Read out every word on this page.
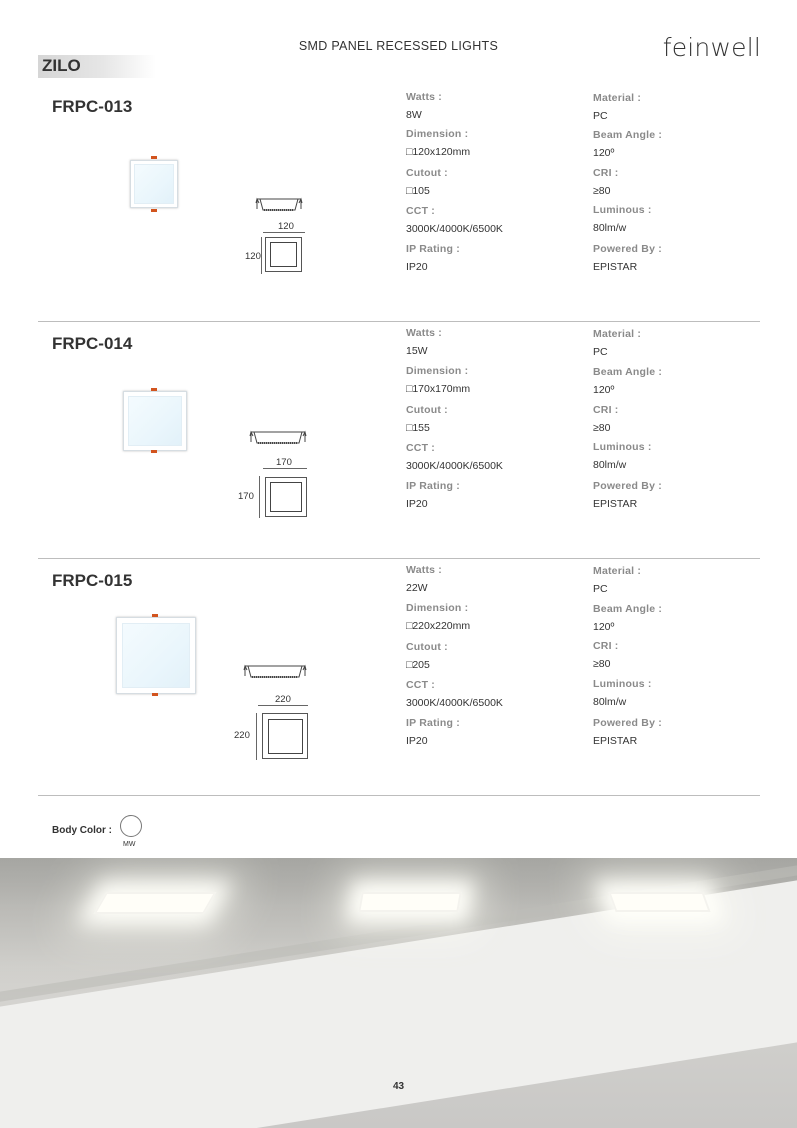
SMD PANEL RECESSED LIGHTS	feinwell
ZILO
FRPC-013
120
120
Watts :
8W
Dimension :
□120x120mm
Cutout :
□105
CCT :
3000K/4000K/6500K
IP Rating :
IP20
Material :
PC
Beam Angle :
120º
CRI :
≥80
Luminous :
80lm/w
Powered By :
EPISTAR
FRPC-014
170
170
Watts :
15W
Dimension :
□170x170mm
Cutout :
□155
CCT :
3000K/4000K/6500K
IP Rating :
IP20
Material :
PC
Beam Angle :
120º
CRI :
≥80
Luminous :
80lm/w
Powered By :
EPISTAR
FRPC-015
220
220
Watts :
22W
Dimension :
□220x220mm
Cutout :
□205
CCT :
3000K/4000K/6500K
IP Rating :
IP20
Material :
PC
Beam Angle :
120º
CRI :
≥80
Luminous :
80lm/w
Powered By :
EPISTAR
Body Color :
MW
43
